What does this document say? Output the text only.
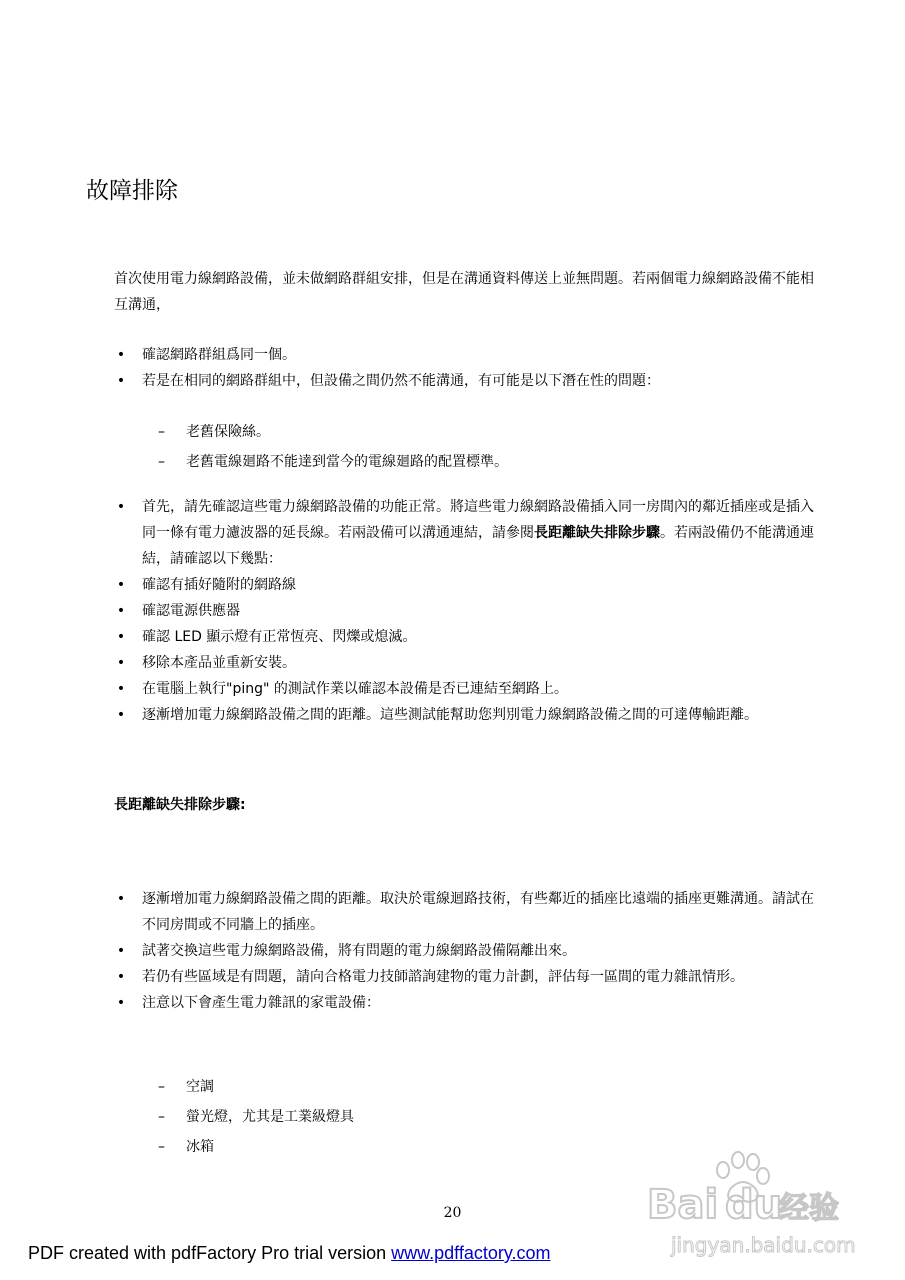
故障排除

首次使用電力線網路設備，並未做網路群組安排，但是在溝通資料傳送上並無問題。若兩個電力線網路設備不能相互溝通，

• 確認網路群組爲同一個。
• 若是在相同的網路群組中，但設備之間仍然不能溝通，有可能是以下潛在性的問題：
– 老舊保險絲。
– 老舊電線廻路不能達到當今的電線廻路的配置標準。
• 首先，請先確認這些電力線網路設備的功能正常。將這些電力線網路設備插入同一房間內的鄰近插座或是插入同一條有電力濾波器的延長線。若兩設備可以溝通連結，請參閱長距離缺失排除步驟。若兩設備仍不能溝通連結，請確認以下幾點：
• 確認有插好隨附的網路線
• 確認電源供應器
• 確認 LED 顯示燈有正常恆亮、閃爍或熄滅。
• 移除本產品並重新安裝。
• 在電腦上執行"ping" 的測試作業以確認本設備是否已連結至網路上。
• 逐漸增加電力線網路設備之間的距離。這些測試能幫助您判別電力線網路設備之間的可達傳輸距離。

長距離缺失排除步驟:

• 逐漸增加電力線網路設備之間的距離。取決於電線迴路技術，有些鄰近的插座比遠端的插座更難溝通。請試在不同房間或不同牆上的插座。
• 試著交換這些電力線網路設備，將有問題的電力線網路設備隔離出來。
• 若仍有些區域是有問題，請向合格電力技師諮詢建物的電力計劃，評估每一區間的電力雜訊情形。
• 注意以下會產生電力雜訊的家電設備：
– 空調
– 螢光燈，尤其是工業級燈具
– 冰箱
20	Bai du
经验
jingyan.baidu.com
PDF created with pdfFactory Pro trial version www.pdffactory.com
